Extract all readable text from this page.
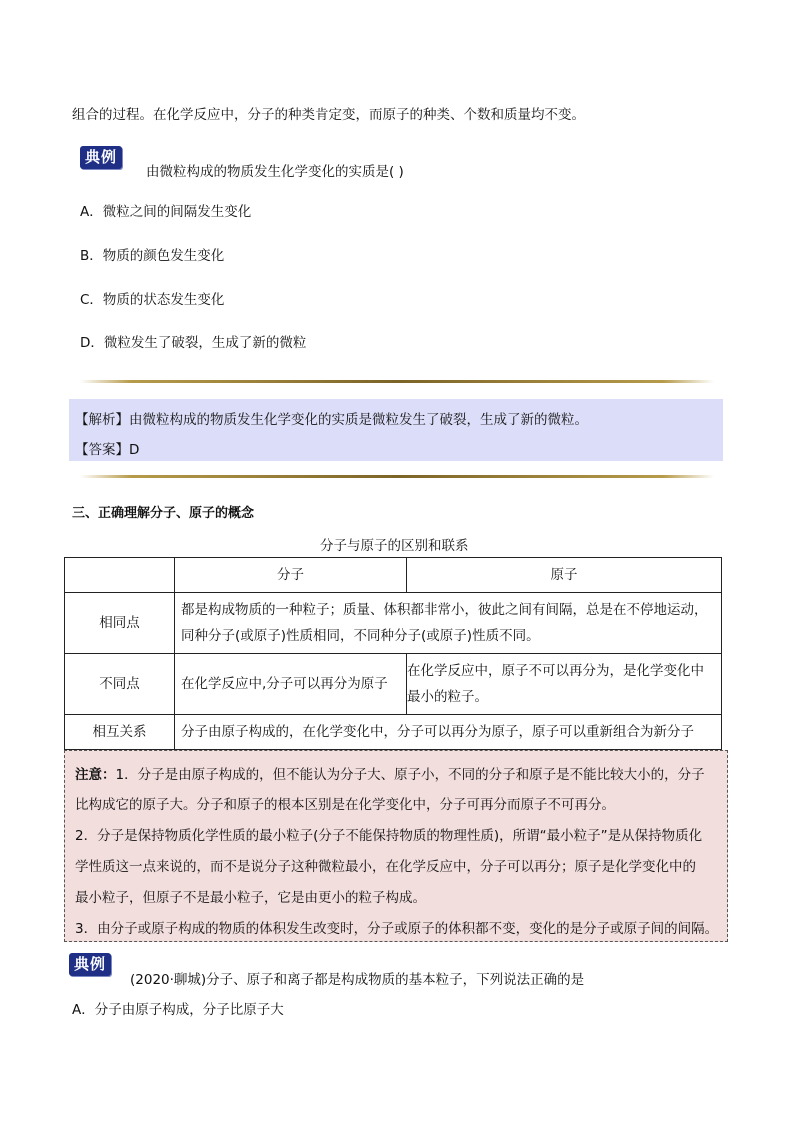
组合的过程。在化学反应中，分子的种类肯定变，而原子的种类、个数和质量均不变。
典例
由微粒构成的物质发生化学变化的实质是( )
A．微粒之间的间隔发生变化
B．物质的颜色发生变化
C．物质的状态发生变化
D．微粒发生了破裂，生成了新的微粒
【解析】由微粒构成的物质发生化学变化的实质是微粒发生了破裂，生成了新的微粒。
【答案】D
三、正确理解分子、原子的概念
分子与原子的区别和联系
	分子	原子
相同点	都是构成物质的一种粒子；质量、体积都非常小，彼此之间有间隔，总是在不停地运动，
同种分子(或原子)性质相同，不同种分子(或原子)性质不同。	

不同点	在化学反应中,分子可以再分为原子	在化学反应中，原子不可以再分为，是化学变化中
最小的粒子。

相互关系	分子由原子构成的，在化学变化中，分子可以再分为原子，原子可以重新组合为新分子	
注意：1．分子是由原子构成的，但不能认为分子大、原子小，不同的分子和原子是不能比较大小的，分子
比构成它的原子大。分子和原子的根本区别是在化学变化中，分子可再分而原子不可再分。
2．分子是保持物质化学性质的最小粒子(分子不能保持物质的物理性质)，所谓“最小粒子”是从保持物质化
学性质这一点来说的，而不是说分子这种微粒最小，在化学反应中，分子可以再分；原子是化学变化中的
最小粒子，但原子不是最小粒子，它是由更小的粒子构成。
3．由分子或原子构成的物质的体积发生改变时，分子或原子的体积都不变，变化的是分子或原子间的间隔。
典例
(2020·聊城)分子、原子和离子都是构成物质的基本粒子，下列说法正确的是
A．分子由原子构成，分子比原子大
